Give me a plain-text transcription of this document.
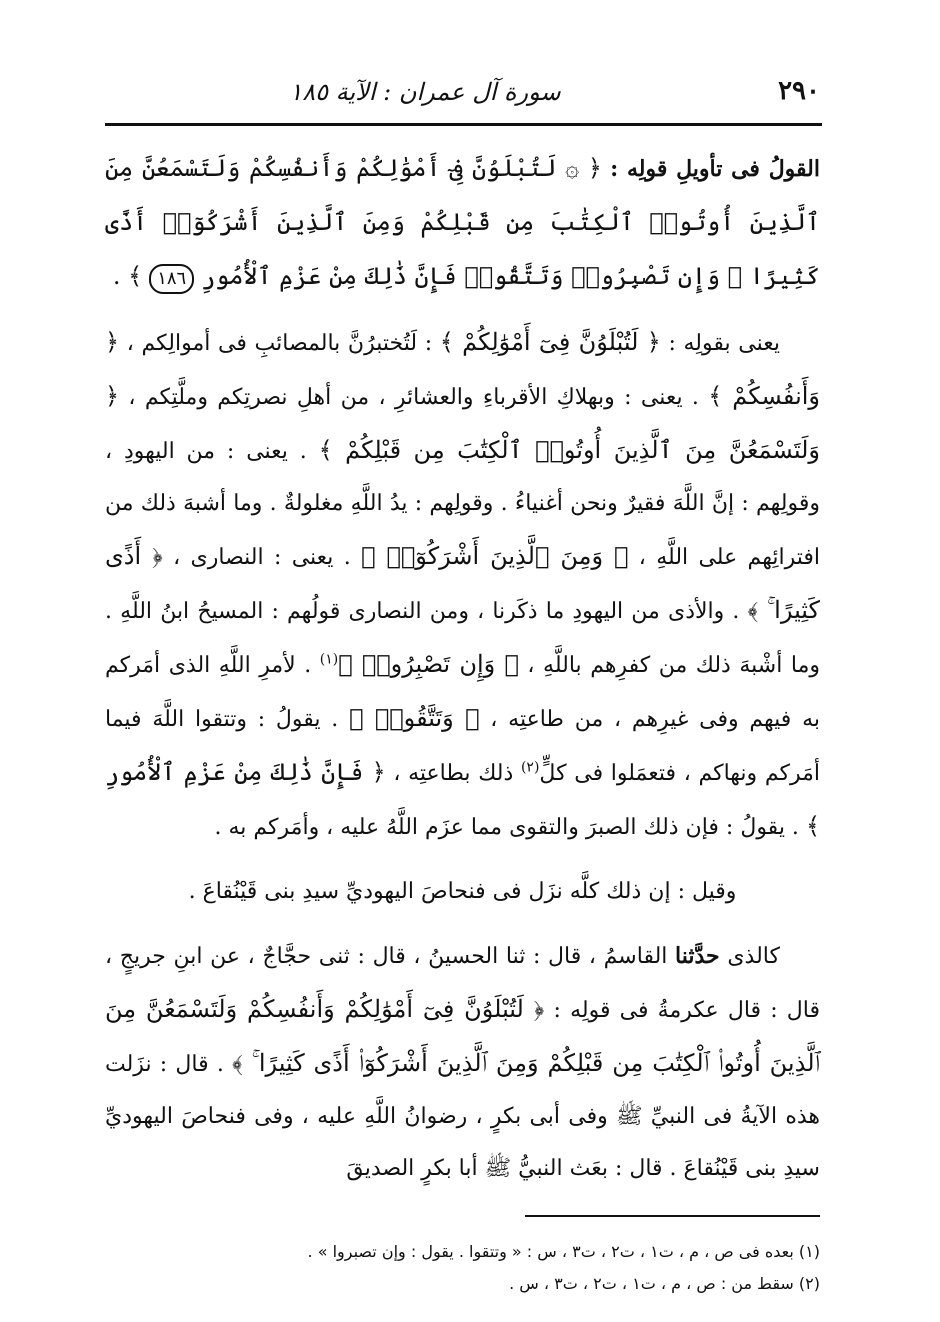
٢٩٠
سورة آل عمران : الآية ١٨٥

القولُ فى تأويلِ قولِه : ﴿ ۞ لَتُبْلَوُنَّ فِىٓ أَمْوَٰلِكُمْ وَأَنفُسِكُمْ وَلَتَسْمَعُنَّ مِنَ ٱلَّذِينَ أُوتُوا۟ ٱلْكِتَٰبَ مِن قَبْلِكُمْ وَمِنَ ٱلَّذِينَ أَشْرَكُوٓا۟ أَذًى كَثِيرًا ۚ وَإِن تَصْبِرُوا۟ وَتَتَّقُوا۟ فَإِنَّ ذَٰلِكَ مِنْ عَزْمِ ٱلْأُمُورِ ١٨٦ ﴾ .

يعنى بقولِه : ﴿ لَتُبْلَوُنَّ فِىٓ أَمْوَٰلِكُمْ ﴾ : لَتُختبرُنَّ بالمصائبِ فى أموالِكم ، ﴿ وَأَنفُسِكُمْ ﴾ . يعنى : وبهلاكِ الأقرباءِ والعشائرِ ، من أهلِ نصرتِكم وملَّتِكم ، ﴿ وَلَتَسْمَعُنَّ مِنَ ٱلَّذِينَ أُوتُوا۟ ٱلْكِتَٰبَ مِن قَبْلِكُمْ ﴾ . يعنى : من اليهودِ ، وقولِهم : إنَّ اللَّهَ فقيرٌ ونحن أغنياءُ . وقولِهم : يدُ اللَّهِ مغلولةٌ . وما أشبهَ ذلك من افترائِهم على اللَّهِ ، ﴿ وَمِنَ ٱلَّذِينَ أَشْرَكُوٓا۟ ﴾ . يعنى : النصارى ، ﴿ أَذًى كَثِيرًا ۚ ﴾ . والأذى من اليهودِ ما ذكَرنا ، ومن النصارى قولُهم : المسيحُ ابنُ اللَّهِ . وما أشْبهَ ذلك من كفرِهم باللَّهِ ، ﴿ وَإِن تَصْبِرُوا۟ ﴾$^{(١)}$ . لأمرِ اللَّهِ الذى أمَركم به فيهم وفى غيرِهم ، من طاعتِه ، ﴿ وَتَتَّقُوا۟ ﴾ . يقولُ : وتتقوا اللَّهَ فيما أمَركم ونهاكم ، فتعمَلوا فى كلٍّ$^{(٢)}$ ذلك بطاعتِه ، ﴿ فَإِنَّ ذَٰلِكَ مِنْ عَزْمِ ٱلْأُمُورِ ﴾ . يقولُ : فإن ذلك الصبرَ والتقوى مما عزَم اللَّهُ عليه ، وأمَركم به .

وقيل : إن ذلك كلَّه نزَل فى فنحاصَ اليهوديِّ سيدِ بنى قَيْنُقاعَ .

كالذى حدَّثنا القاسمُ ، قال : ثنا الحسينُ ، قال : ثنى حجَّاجٌ ، عن ابنِ جريجٍ ، قال : قال عكرمةُ فى قولِه : ﴿ لَتُبْلَوُنَّ فِىٓ أَمْوَٰلِكُمْ وَأَنفُسِكُمْ وَلَتَسْمَعُنَّ مِنَ ٱلَّذِينَ أُوتُوا۟ ٱلْكِتَٰبَ مِن قَبْلِكُمْ وَمِنَ ٱلَّذِينَ أَشْرَكُوٓا۟ أَذًى كَثِيرًا ۚ ﴾ . قال : نزَلت هذه الآيةُ فى النبيِّ ﷺ وفى أبى بكرٍ ، رضوانُ اللَّهِ عليه ، وفى فنحاصَ اليهوديِّ سيدِ بنى قَيْنُقاعَ . قال : بعَث النبيُّ ﷺ أبا بكرٍ الصديقَ

(١) بعده فى ص ، م ، ت١ ، ت٢ ، ت٣ ، س : « وتتقوا . يقول : وإن تصبروا » .

(٢) سقط من : ص ، م ، ت١ ، ت٢ ، ت٣ ، س .
